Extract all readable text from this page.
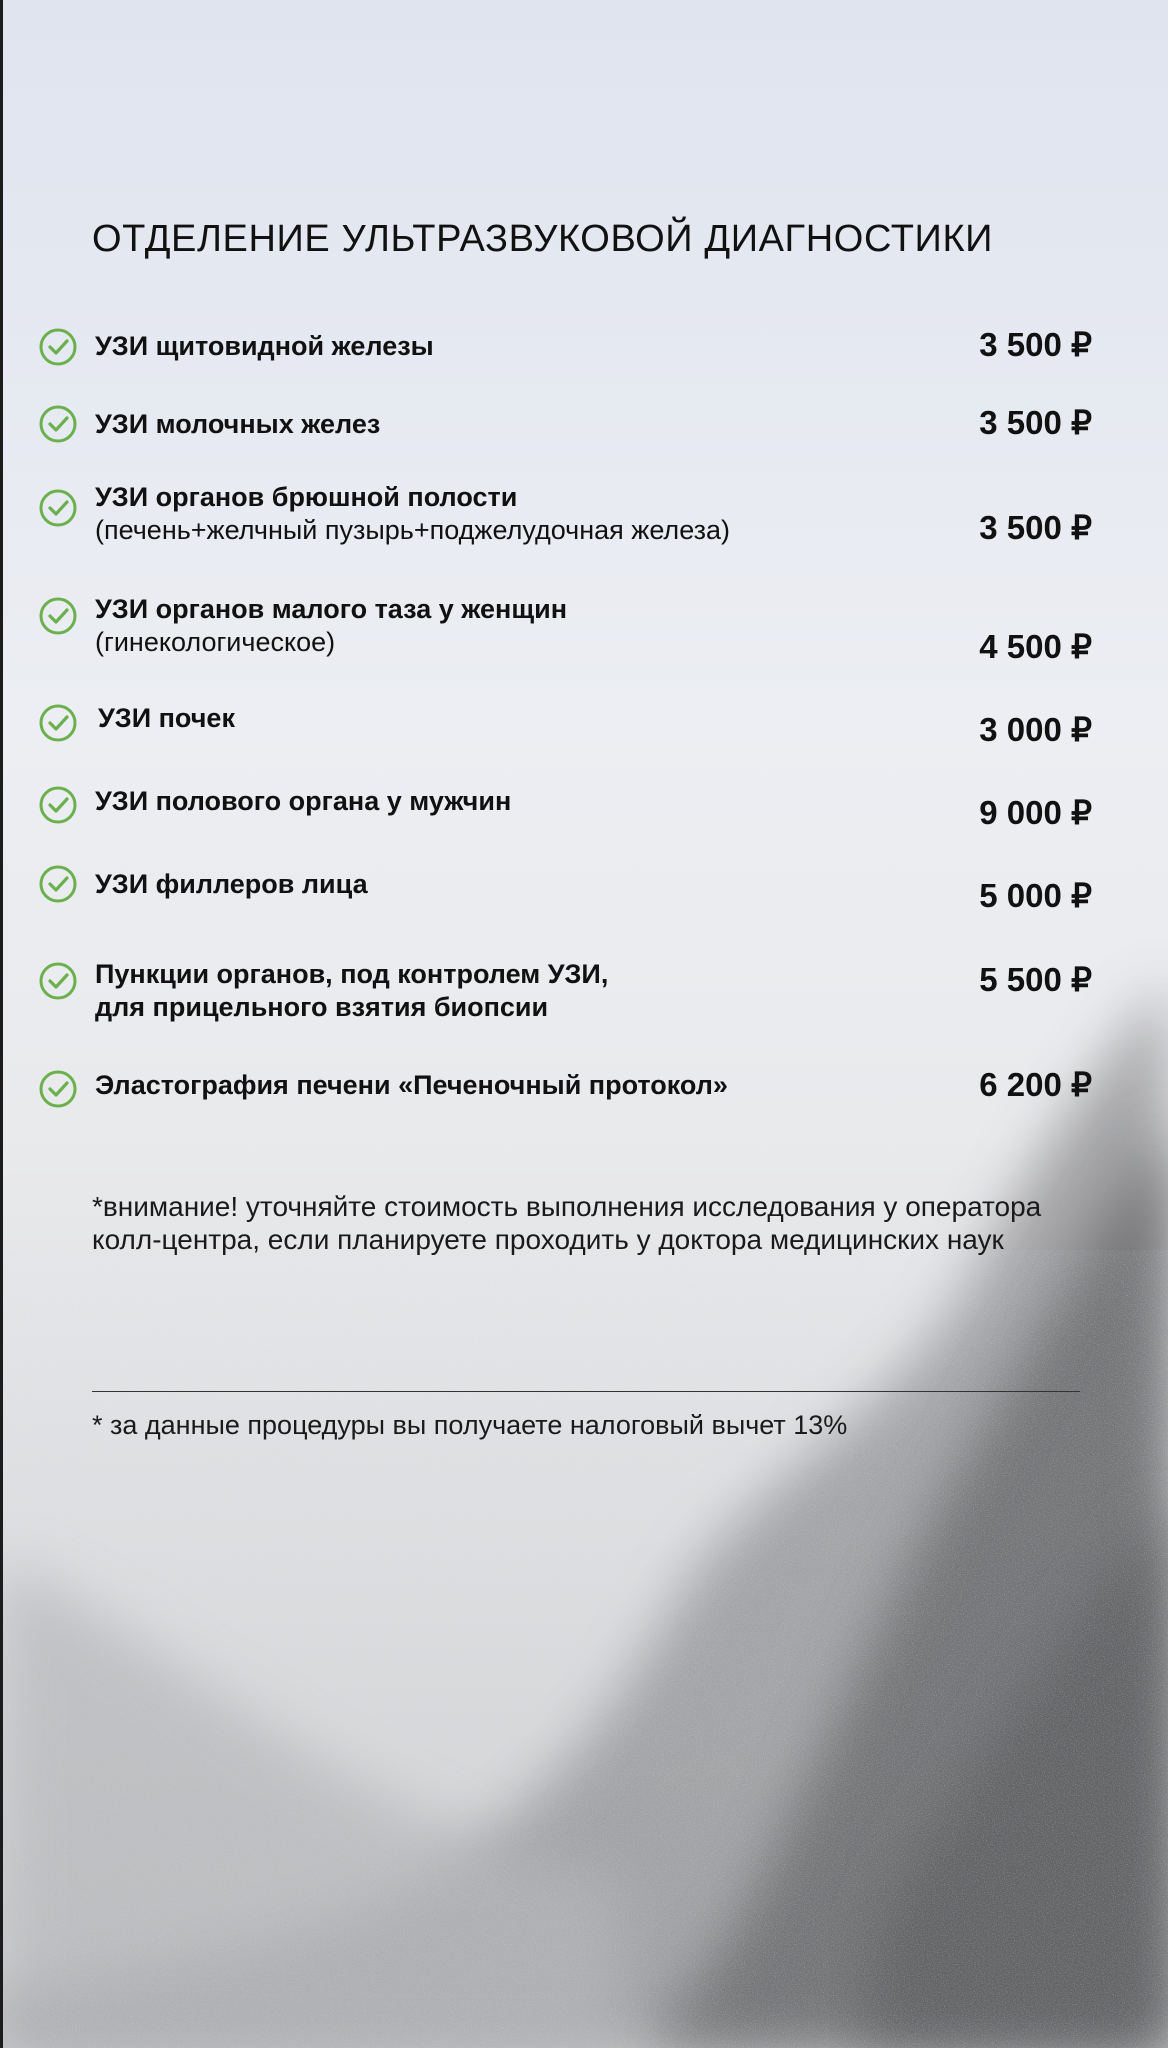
ОТДЕЛЕНИЕ УЛЬТРАЗВУКОВОЙ ДИАГНОСТИКИ
УЗИ щитовидной железы	3 500 ₽
УЗИ молочных желез	3 500 ₽
УЗИ органов брюшной полости
(печень+желчный пузырь+поджелудочная железа)	3 500 ₽
УЗИ органов малого таза у женщин
(гинекологическое)	4 500 ₽
УЗИ почек	3 000 ₽
УЗИ полового органа у мужчин	9 000 ₽
УЗИ филлеров лица	5 000 ₽
Пункции органов, под контролем УЗИ,
для прицельного взятия биопсии
5 500 ₽
Эластография печени «Печеночный протокол»	6 200 ₽
*внимание! уточняйте стоимость выполнения исследования у оператора колл-центра, если планируете проходить у доктора медицинских наук
* за данные процедуры вы получаете налоговый вычет 13%
